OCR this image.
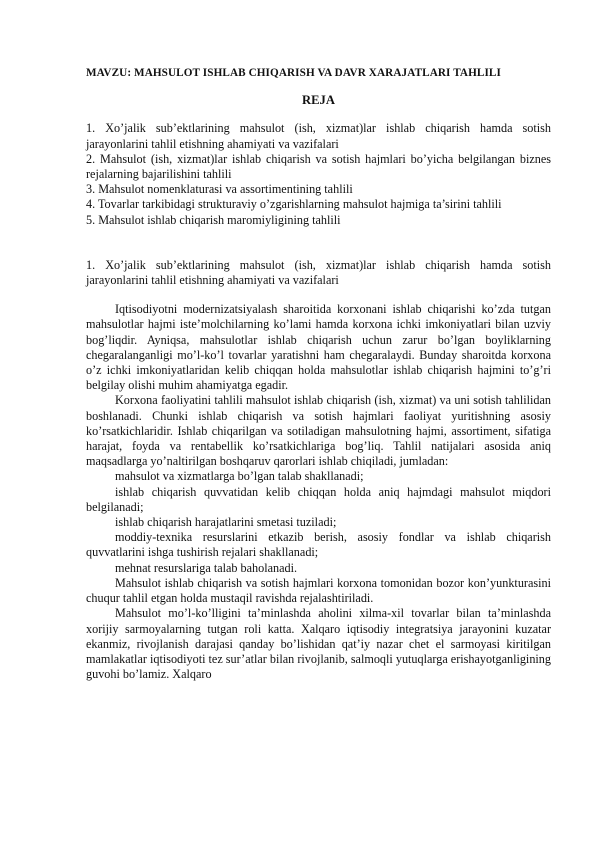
MAVZU: MAHSULOT ISHLAB CHIQARISH VA DAVR XARAJATLARI TAHLILI

REJA

1. Xo’jalik sub’ektlarining mahsulot (ish, xizmat)lar ishlab chiqarish hamda sotish jarayonlarini tahlil etishning ahamiyati va vazifalari

2. Mahsulot (ish, xizmat)lar ishlab chiqarish va sotish hajmlari bo’yicha belgilangan biznes rejalarning bajarilishini tahlili

3. Mahsulot nomenklaturasi va assortimentining tahlili

4. Tovarlar tarkibidagi strukturaviy o’zgarishlarning mahsulot hajmiga ta’sirini tahlili

5. Mahsulot ishlab chiqarish maromiyligining tahlili

1. Xo’jalik sub’ektlarining mahsulot (ish, xizmat)lar ishlab chiqarish hamda sotish jarayonlarini tahlil etishning ahamiyati va vazifalari

Iqtisodiyotni modernizatsiyalash sharoitida korxonani ishlab chiqarishi ko’zda tutgan mahsulotlar hajmi iste’molchilarning ko’lami hamda korxona ichki imkoniyatlari bilan uzviy bog’liqdir. Ayniqsa, mahsulotlar ishlab chiqarish uchun zarur bo’lgan boyliklarning chegaralanganligi mo’l-ko’l tovarlar yaratishni ham chegaralaydi. Bunday sharoitda korxona o’z ichki imkoniyatlaridan kelib chiqqan holda mahsulotlar ishlab chiqarish hajmini to’g’ri belgilay olishi muhim ahamiyatga egadir.

Korxona faoliyatini tahlili mahsulot ishlab chiqarish (ish, xizmat) va uni sotish tahlilidan boshlanadi. Chunki ishlab chiqarish va sotish hajmlari faoliyat yuritishning asosiy ko’rsatkichlaridir. Ishlab chiqarilgan va sotiladigan mahsulotning hajmi, assortiment, sifatiga harajat, foyda va rentabellik ko’rsatkichlariga bog’liq. Tahlil natijalari asosida aniq maqsadlarga yo’naltirilgan boshqaruv qarorlari ishlab chiqiladi, jumladan:

mahsulot va xizmatlarga bo’lgan talab shakllanadi;

ishlab chiqarish quvvatidan kelib chiqqan holda aniq hajmdagi mahsulot miqdori belgilanadi;

ishlab chiqarish harajatlarini smetasi tuziladi;

moddiy-texnika resurslarini etkazib berish, asosiy fondlar va ishlab chiqarish quvvatlarini ishga tushirish rejalari shakllanadi;

mehnat resurslariga talab baholanadi.

Mahsulot ishlab chiqarish va sotish hajmlari korxona tomonidan bozor kon’yunkturasini chuqur tahlil etgan holda mustaqil ravishda rejalashtiriladi.

Mahsulot mo’l-ko’lligini ta’minlashda aholini xilma-xil tovarlar bilan ta’minlashda xorijiy sarmoyalarning tutgan roli katta. Xalqaro iqtisodiy integratsiya jarayonini kuzatar ekanmiz, rivojlanish darajasi qanday bo’lishidan qat’iy nazar chet el sarmoyasi kiritilgan mamlakatlar iqtisodiyoti tez sur’atlar bilan rivojlanib, salmoqli yutuqlarga erishayotganligining guvohi bo’lamiz. Xalqaro
